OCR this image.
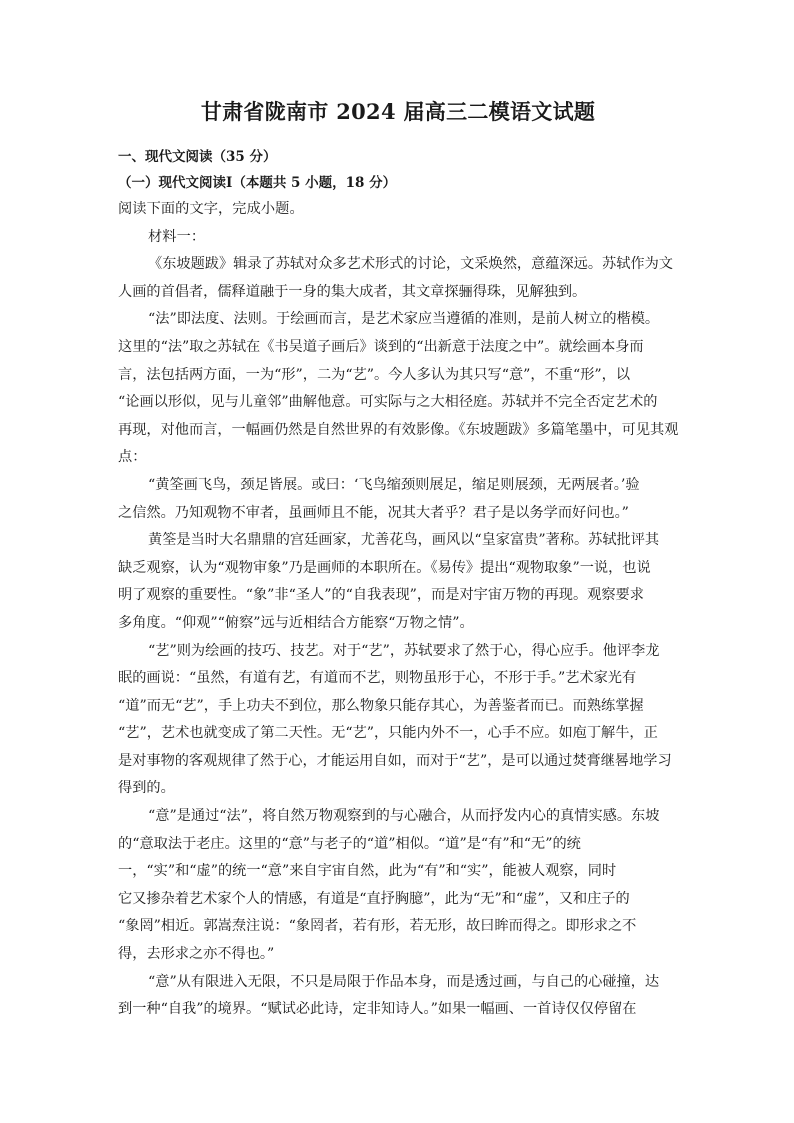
甘肃省陇南市 2024 届高三二模语文试题
一、现代文阅读（35 分）
（一）现代文阅读Ⅰ（本题共 5 小题，18 分）
阅读下面的文字，完成小题。
材料一：
《东坡题跋》辑录了苏轼对众多艺术形式的讨论，文采焕然，意蕴深远。苏轼作为文
人画的首倡者，儒释道融于一身的集大成者，其文章探骊得珠，见解独到。
“法”即法度、法则。于绘画而言，是艺术家应当遵循的准则，是前人树立的楷模。
这里的“法”取之苏轼在《书吴道子画后》谈到的“出新意于法度之中”。就绘画本身而
言，法包括两方面，一为“形”，二为“艺”。今人多认为其只写“意”，不重“形”，以
“论画以形似，见与儿童邻”曲解他意。可实际与之大相径庭。苏轼并不完全否定艺术的
再现，对他而言，一幅画仍然是自然世界的有效影像。《东坡题跋》多篇笔墨中，可见其观
点：
“黄筌画飞鸟，颈足皆展。或曰：‘飞鸟缩颈则展足，缩足则展颈，无两展者。’验
之信然。乃知观物不审者，虽画师且不能，况其大者乎？君子是以务学而好问也。”
黄筌是当时大名鼎鼎的宫廷画家，尤善花鸟，画风以“皇家富贵”著称。苏轼批评其
缺乏观察，认为“观物审象”乃是画师的本职所在。《易传》提出“观物取象”一说，也说
明了观察的重要性。“象”非“圣人”的“自我表现”，而是对宇宙万物的再现。观察要求
多角度。“仰观”“俯察”远与近相结合方能察“万物之情”。
“艺”则为绘画的技巧、技艺。对于“艺”，苏轼要求了然于心，得心应手。他评李龙
眠的画说：“虽然，有道有艺，有道而不艺，则物虽形于心，不形于手。”艺术家光有
“道”而无“艺”，手上功夫不到位，那么物象只能存其心，为善鉴者而已。而熟练掌握
“艺”，艺术也就变成了第二天性。无“艺”，只能内外不一，心手不应。如庖丁解牛，正
是对事物的客观规律了然于心，才能运用自如，而对于“艺”，是可以通过焚膏继晷地学习
得到的。
“意”是通过“法”，将自然万物观察到的与心融合，从而抒发内心的真情实感。东坡
的“意取法于老庄。这里的“意”与老子的“道”相似。“道”是“有”和“无”的统
一，“实”和“虚”的统一“意”来自宇宙自然，此为“有”和“实”，能被人观察，同时
它又掺杂着艺术家个人的情感，有道是“直抒胸臆”，此为“无”和“虚”，又和庄子的
“象罔”相近。郭嵩焘注说：“象罔者，若有形，若无形，故曰眸而得之。即形求之不
得，去形求之亦不得也。”
“意”从有限进入无限，不只是局限于作品本身，而是透过画，与自己的心碰撞，达
到一种“自我”的境界。“赋试必此诗，定非知诗人。”如果一幅画、一首诗仅仅停留在
